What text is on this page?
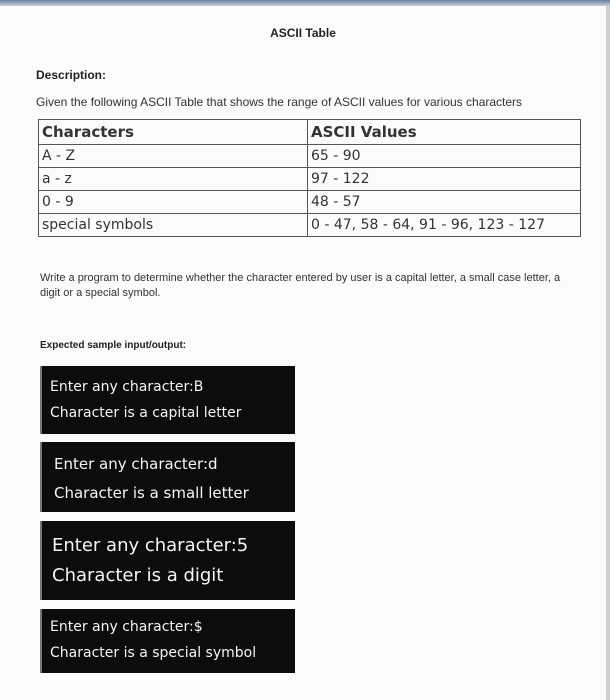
ASCII Table
Description:
Given the following ASCII Table that shows the range of ASCII values for various characters
Characters	ASCII Values
A - Z	65 - 90
a - z	97 - 122
0 - 9	48 - 57
special symbols	0 - 47, 58 - 64, 91 - 96, 123 - 127
Write a program to determine whether the character entered by user is a capital letter, a small case letter, a digit or a special symbol.
Expected sample input/output:
Enter any character:B
Character is a capital letter
Enter any character:d
Character is a small letter
Enter any character:5
Character is a digit
Enter any character:$
Character is a special symbol
